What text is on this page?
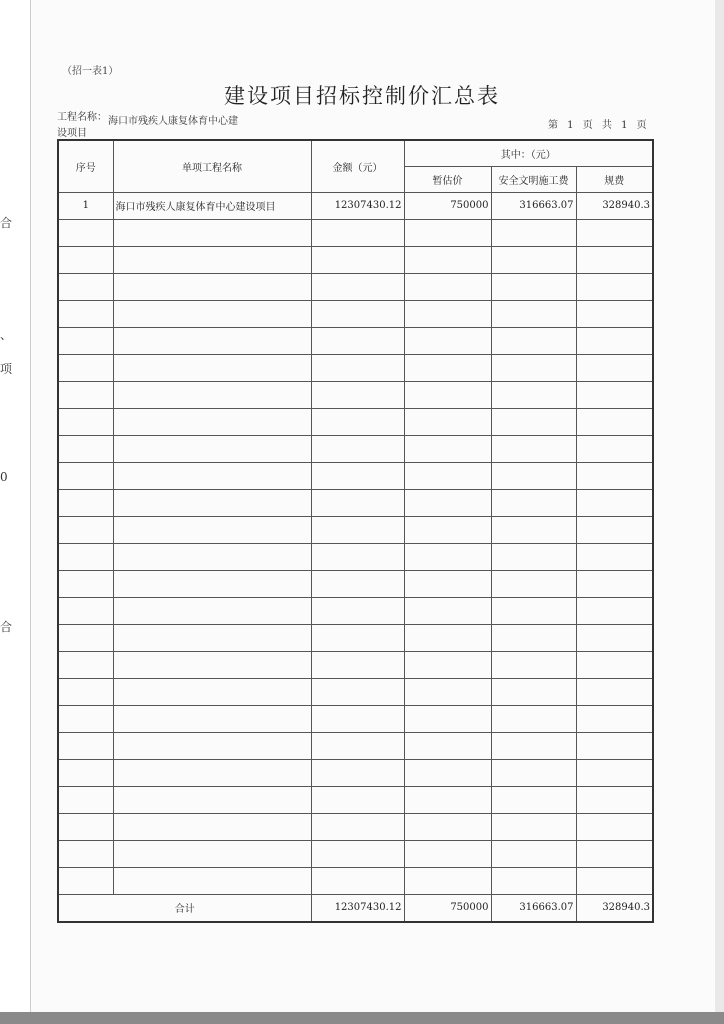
合
、
项
0
合
（招一表1）
建设项目招标控制价汇总表
工程名称： 海口市残疾人康复体育中心建
设项目
第 1 页 共 1 页
序号	单项工程名称	金额（元）	其中：（元）		
			暂估价	安全文明施工费	规费
1	海口市残疾人康复体育中心建设项目	12307430.12	750000	316663.07	328940.3

合计		12307430.12	750000	316663.07	328940.3
